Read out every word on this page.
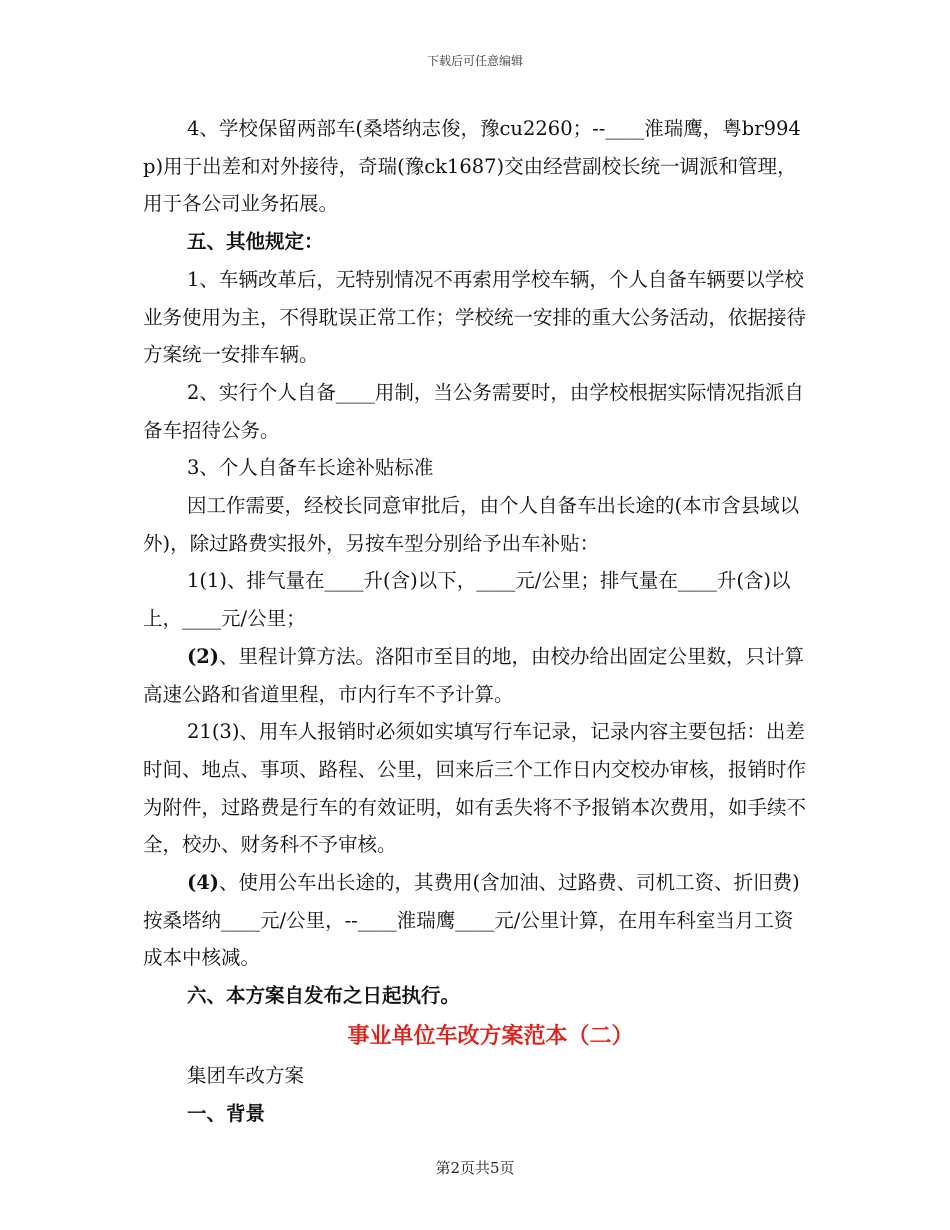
下载后可任意编辑

4、学校保留两部车(桑塔纳志俊，豫cu2260；--____淮瑞鹰，粤br994p)用于出差和对外接待，奇瑞(豫ck1687)交由经营副校长统一调派和管理，用于各公司业务拓展。

五、其他规定：

1、车辆改革后，无特别情况不再索用学校车辆，个人自备车辆要以学校业务使用为主，不得耽误正常工作；学校统一安排的重大公务活动，依据接待方案统一安排车辆。

2、实行个人自备____用制，当公务需要时，由学校根据实际情况指派自备车招待公务。

3、个人自备车长途补贴标准

因工作需要，经校长同意审批后，由个人自备车出长途的(本市含县域以外)，除过路费实报外，另按车型分别给予出车补贴：

1(1)、排气量在____升(含)以下，____元/公里；排气量在____升(含)以上，____元/公里；

(2)、里程计算方法。洛阳市至目的地，由校办给出固定公里数，只计算高速公路和省道里程，市内行车不予计算。

21(3)、用车人报销时必须如实填写行车记录，记录内容主要包括：出差时间、地点、事项、路程、公里，回来后三个工作日内交校办审核，报销时作为附件，过路费是行车的有效证明，如有丢失将不予报销本次费用，如手续不全，校办、财务科不予审核。

(4)、使用公车出长途的，其费用(含加油、过路费、司机工资、折旧费)按桑塔纳____元/公里，--____淮瑞鹰____元/公里计算，在用车科室当月工资成本中核减。

六、本方案自发布之日起执行。

事业单位车改方案范本（二）

集团车改方案

一、背景

第2页共5页
